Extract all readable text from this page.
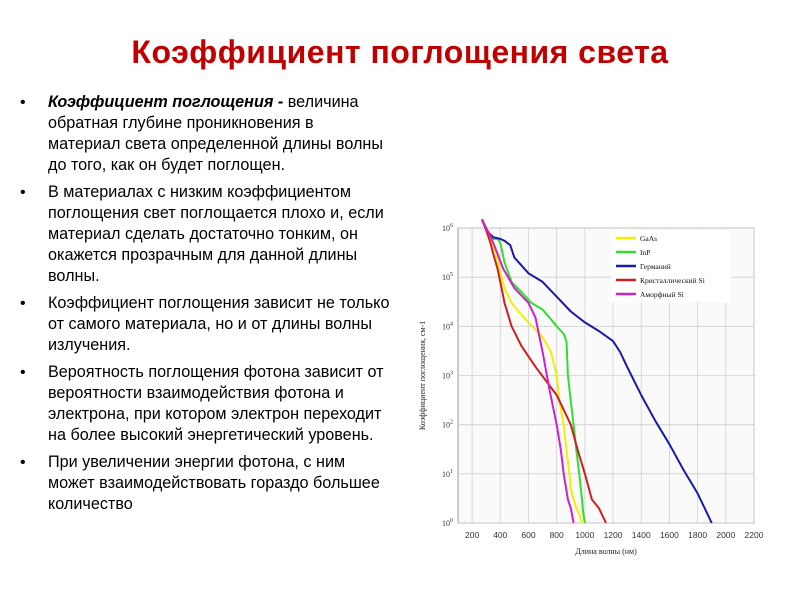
Коэффициент поглощения света
• Коэффициент поглощения - величина обратная глубине проникновения в материал света определенной длины волны до того, как он будет поглощен.
• В материалах с низким коэффициентом поглощения свет поглощается плохо и, если материал сделать достаточно тонким, он окажется прозрачным для данной длины волны.
• Коэффициент поглощения зависит не только от самого материала, но и от длины волны излучения.
• Вероятность поглощения фотона зависит от вероятности взаимодействия фотона и электрона, при котором электрон переходит на более высокий энергетический уровень.
• При увеличении энергии фотона, с ним может взаимодействовать гораздо большее количество
200 400 600 800 1000 1200 1400 1600 1800 2000 2200
$10^0$
$10^1$
$10^2$
$10^3$
$10^4$
$10^5$
$10^6$
Длина волны (нм)
Коэффициент поглощения, см-1
GaAs
InP
Германий
Кристаллический Si
Аморфный Si
